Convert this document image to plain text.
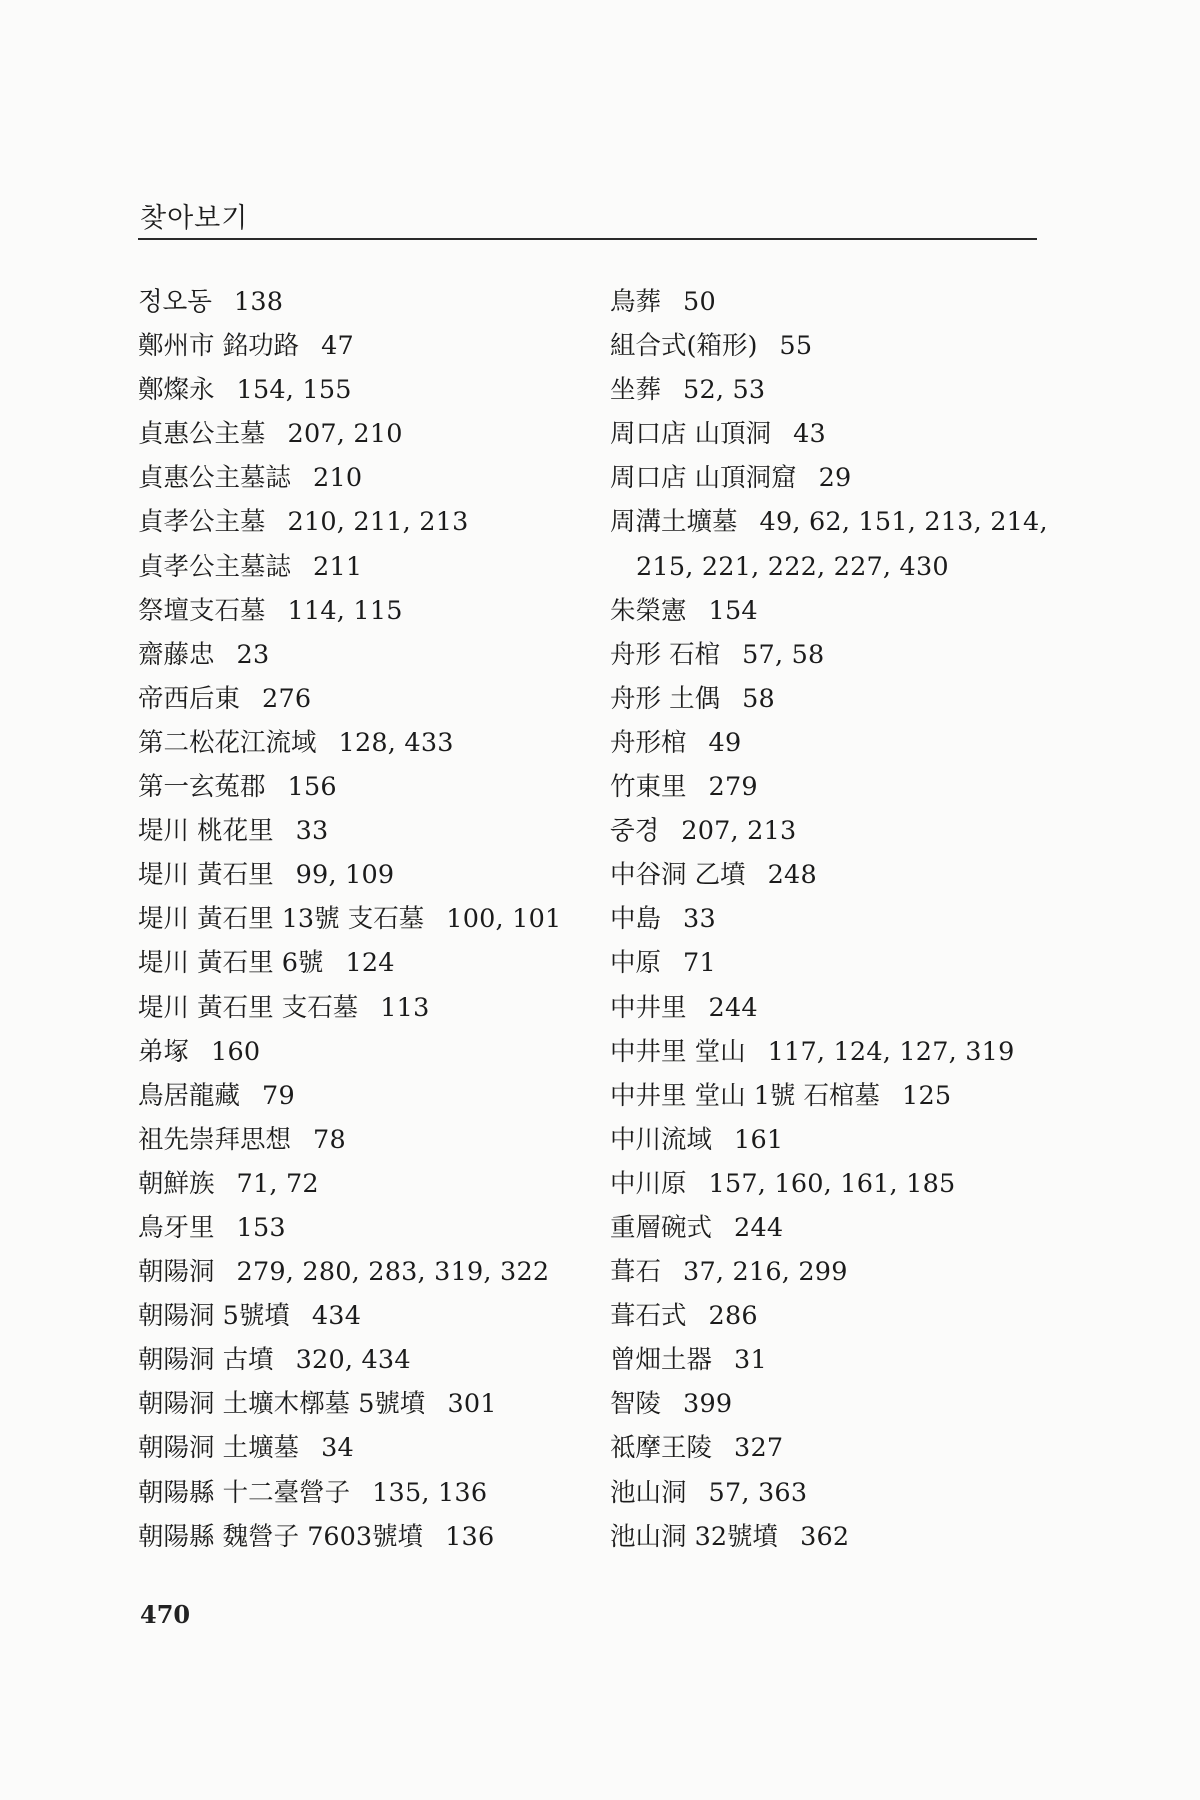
찾아보기
정오동 138
鄭州市 銘功路 47
鄭燦永 154, 155
貞惠公主墓 207, 210
貞惠公主墓誌 210
貞孝公主墓 210, 211, 213
貞孝公主墓誌 211
祭壇支石墓 114, 115
齋藤忠 23
帝西后東 276
第二松花江流域 128, 433
第一玄菟郡 156
堤川 桃花里 33
堤川 黃石里 99, 109
堤川 黃石里 13號 支石墓 100, 101
堤川 黃石里 6號 124
堤川 黃石里 支石墓 113
弟塚 160
鳥居龍藏 79
祖先崇拜思想 78
朝鮮族 71, 72
鳥牙里 153
朝陽洞 279, 280, 283, 319, 322
朝陽洞 5號墳 434
朝陽洞 古墳 320, 434
朝陽洞 土壙木槨墓 5號墳 301
朝陽洞 土壙墓 34
朝陽縣 十二臺營子 135, 136
朝陽縣 魏營子 7603號墳 136
鳥葬 50
組合式(箱形) 55
坐葬 52, 53
周口店 山頂洞 43
周口店 山頂洞窟 29
周溝土壙墓 49, 62, 151, 213, 214,
215, 221, 222, 227, 430
朱榮憲 154
舟形 石棺 57, 58
舟形 土偶 58
舟形棺 49
竹東里 279
중경 207, 213
中谷洞 乙墳 248
中島 33
中原 71
中井里 244
中井里 堂山 117, 124, 127, 319
中井里 堂山 1號 石棺墓 125
中川流域 161
中川原 157, 160, 161, 185
重層碗式 244
葺石 37, 216, 299
葺石式 286
曾畑土器 31
智陵 399
祗摩王陵 327
池山洞 57, 363
池山洞 32號墳 362
470
